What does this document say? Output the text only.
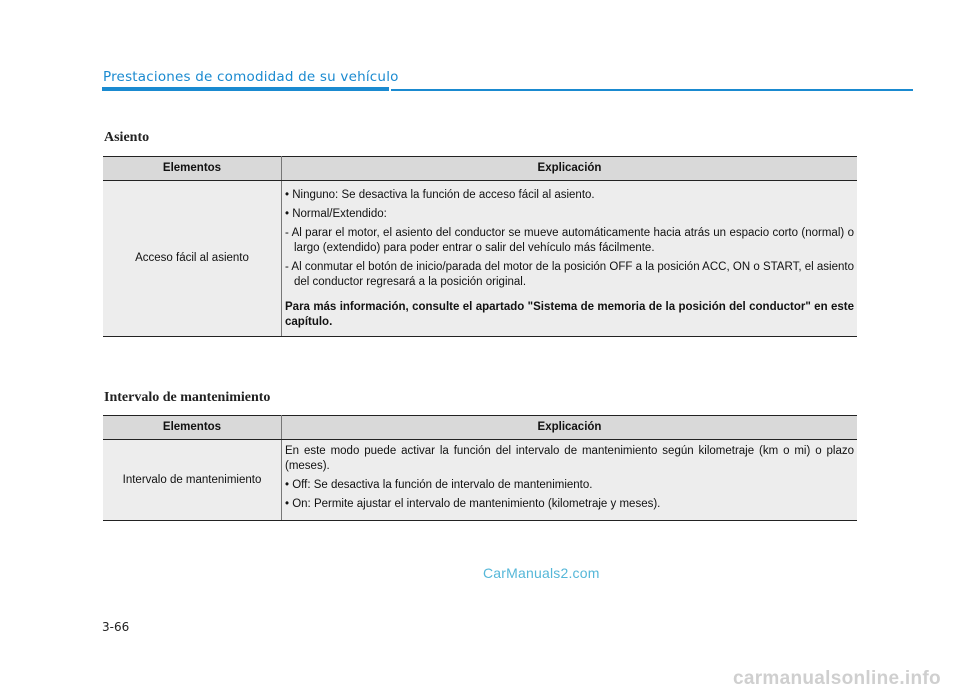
Prestaciones de comodidad de su vehículo
Asiento
Elementos	Explicación
Acceso fácil al asiento	• Ninguno: Se desactiva la función de acceso fácil al asiento.

• Normal/Extendido:

- Al parar el motor, el asiento del conductor se mueve automáticamente hacia atrás un espacio corto (normal) o largo (extendido) para poder entrar o salir del vehículo más fácilmente.

- Al conmutar el botón de inicio/parada del motor de la posición OFF a la posición ACC, ON o START, el asiento del conductor regresará a la posición original.

Para más información, consulte el apartado "Sistema de memoria de la posición del conductor" en este capítulo.

Intervalo de mantenimiento
Elementos	Explicación
Intervalo de mantenimiento	En este modo puede activar la función del intervalo de mantenimiento según kilometraje (km o mi) o plazo (meses).

• Off: Se desactiva la función de intervalo de mantenimiento.

• On: Permite ajustar el intervalo de mantenimiento (kilometraje y meses).

CarManuals2.com
3-66
carmanualsonline.info
